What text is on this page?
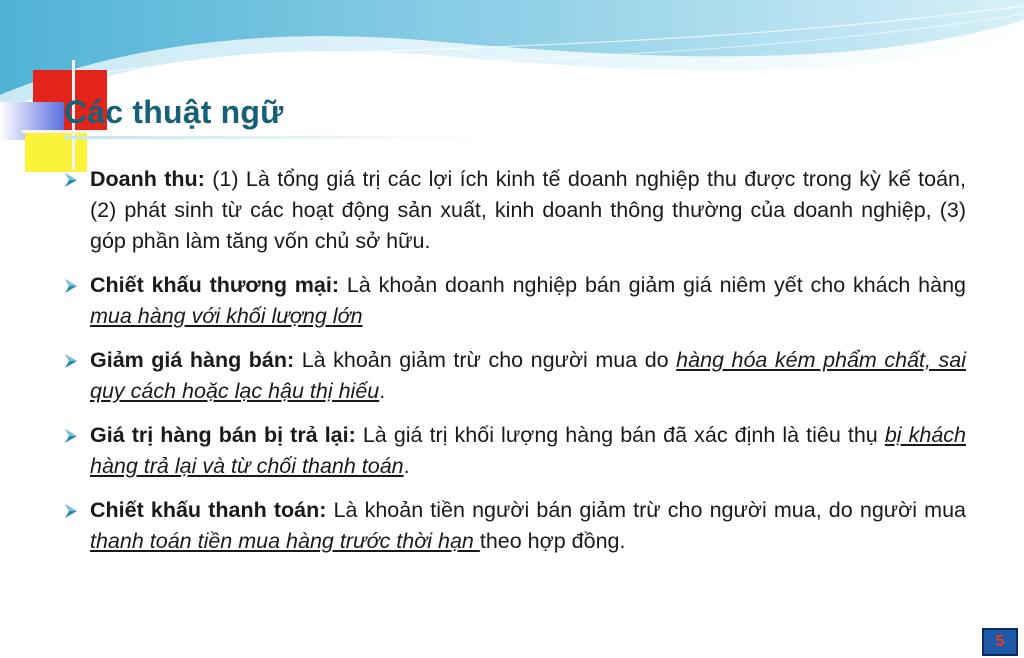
Các thuật ngữ
Doanh thu: (1) Là tổng giá trị các lợi ích kinh tế doanh nghiệp thu được trong kỳ kế toán, (2) phát sinh từ các hoạt động sản xuất, kinh doanh thông thường của doanh nghiệp, (3) góp phần làm tăng vốn chủ sở hữu.
Chiết khấu thương mại: Là khoản doanh nghiệp bán giảm giá niêm yết cho khách hàng mua hàng với khối lượng lớn
Giảm giá hàng bán: Là khoản giảm trừ cho người mua do hàng hóa kém phẩm chất, sai quy cách hoặc lạc hậu thị hiếu.
Giá trị hàng bán bị trả lại: Là giá trị khối lượng hàng bán đã xác định là tiêu thụ bị khách hàng trả lại và từ chối thanh toán.
Chiết khấu thanh toán: Là khoản tiền người bán giảm trừ cho người mua, do người mua thanh toán tiền mua hàng trước thời hạn theo hợp đồng.
5
